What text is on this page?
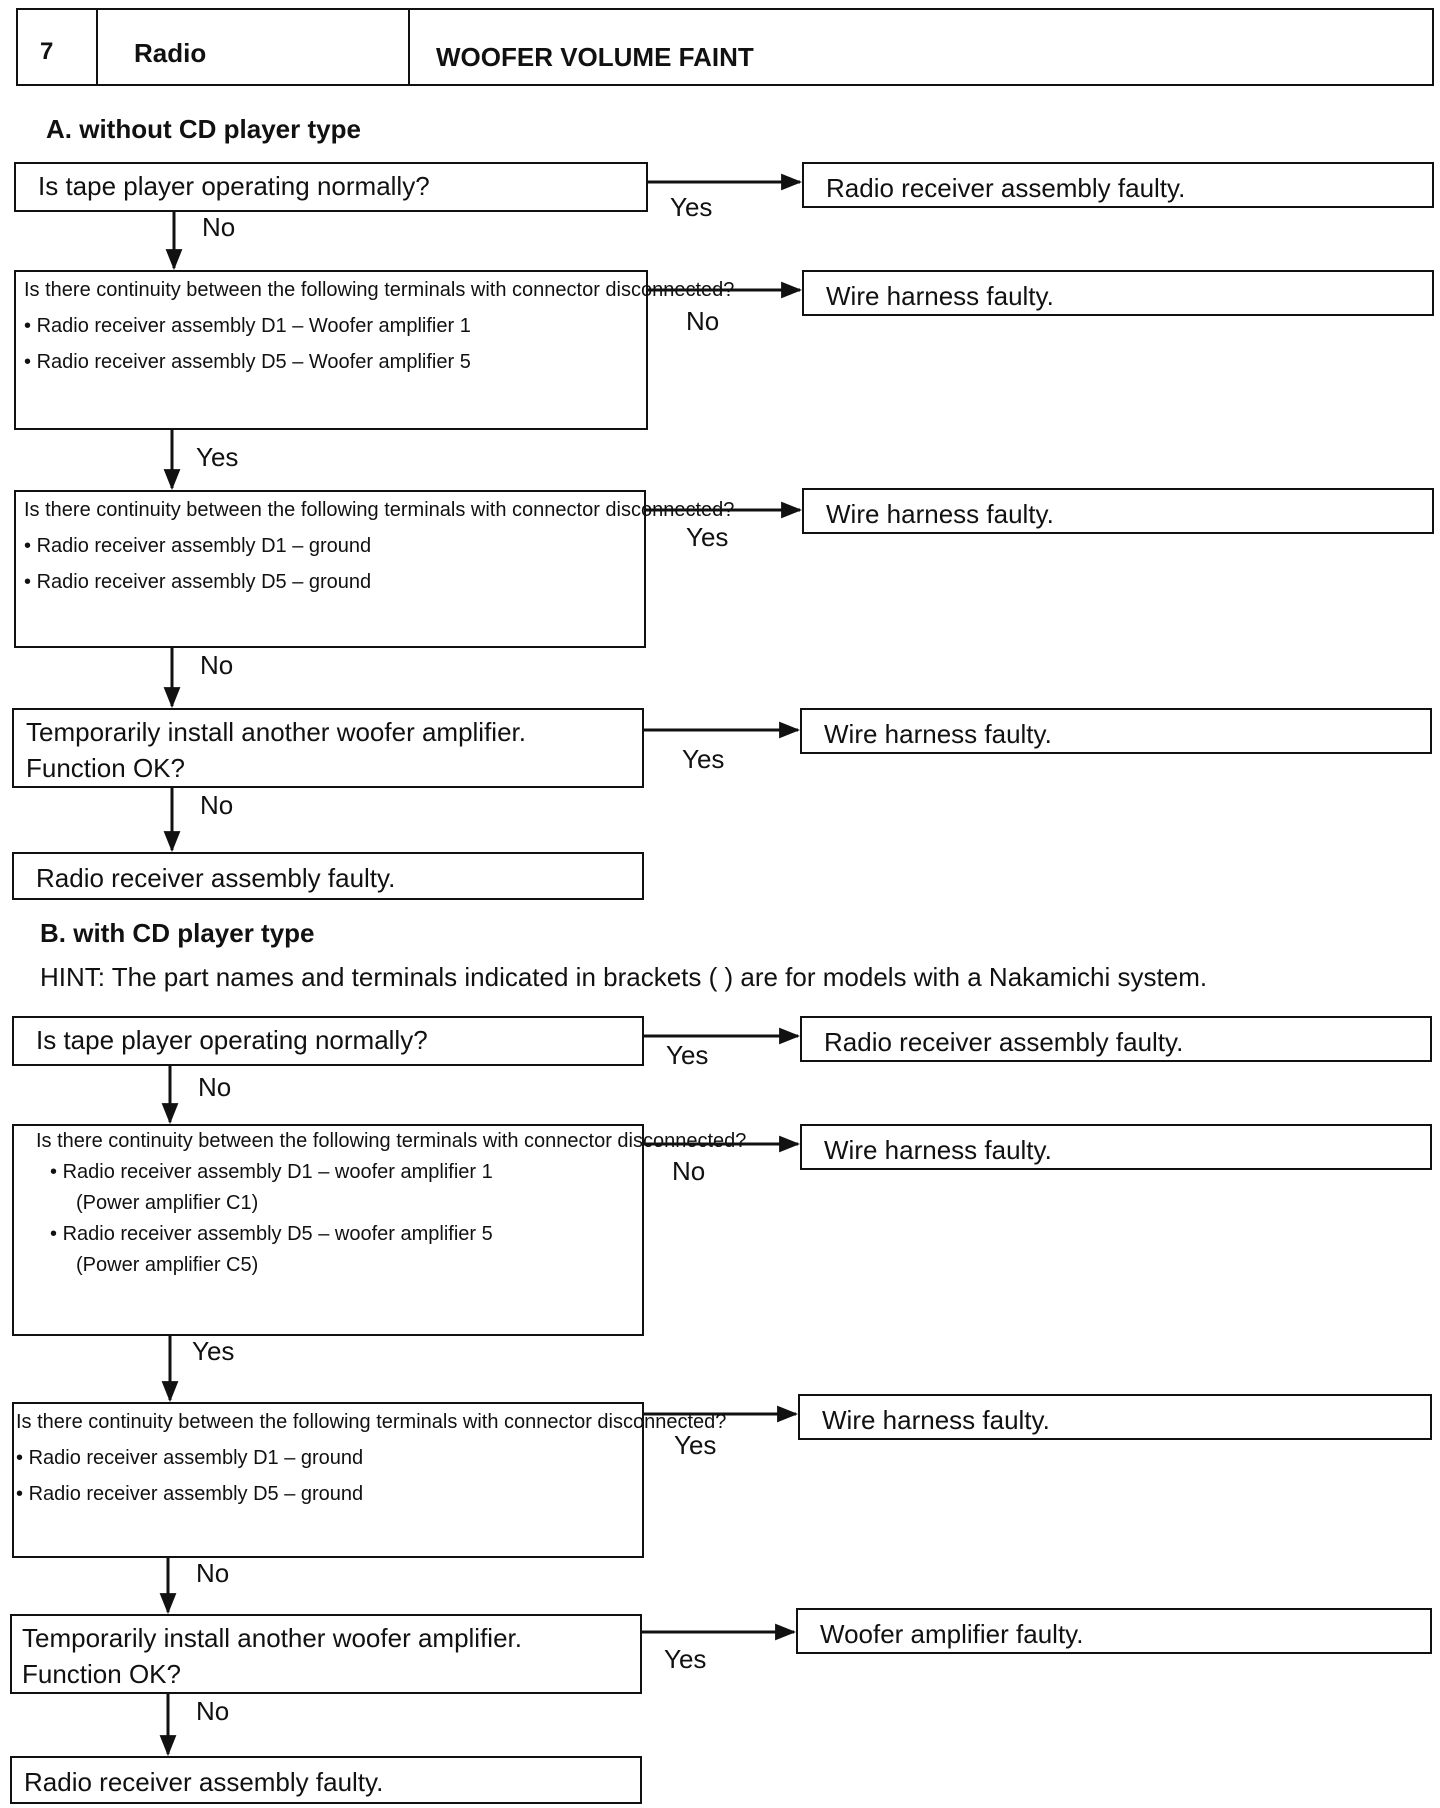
7	Radio	WOOFER VOLUME FAINT
A. without CD player type
Is tape player operating normally?	Radio receiver assembly faulty.
Is there continuity between the following terminals with connector disconnected?
• Radio receiver assembly D1 – Woofer amplifier 1
• Radio receiver assembly D5 – Woofer amplifier 5
Wire harness faulty.
Is there continuity between the following terminals with connector disconnected?
• Radio receiver assembly D1 – ground
• Radio receiver assembly D5 – ground
Wire harness faulty.
Temporarily install another woofer amplifier.
Function OK?
Wire harness faulty.
Radio receiver assembly faulty.
Yes
No
No
Yes
Yes
No
Yes
No
B. with CD player type
HINT: The part names and terminals indicated in brackets ( ) are for models with a Nakamichi system.
Is tape player operating normally?	Radio receiver assembly faulty.
Is there continuity between the following terminals with connector disconnected?
• Radio receiver assembly D1 – woofer amplifier 1
(Power amplifier C1)
• Radio receiver assembly D5 – woofer amplifier 5
(Power amplifier C5)
Wire harness faulty.
Is there continuity between the following terminals with connector disconnected?
• Radio receiver assembly D1 – ground
• Radio receiver assembly D5 – ground
Wire harness faulty.
Temporarily install another woofer amplifier.
Function OK?
Woofer amplifier faulty.
Radio receiver assembly faulty.
Yes
No
No
Yes
Yes
No
Yes
No
